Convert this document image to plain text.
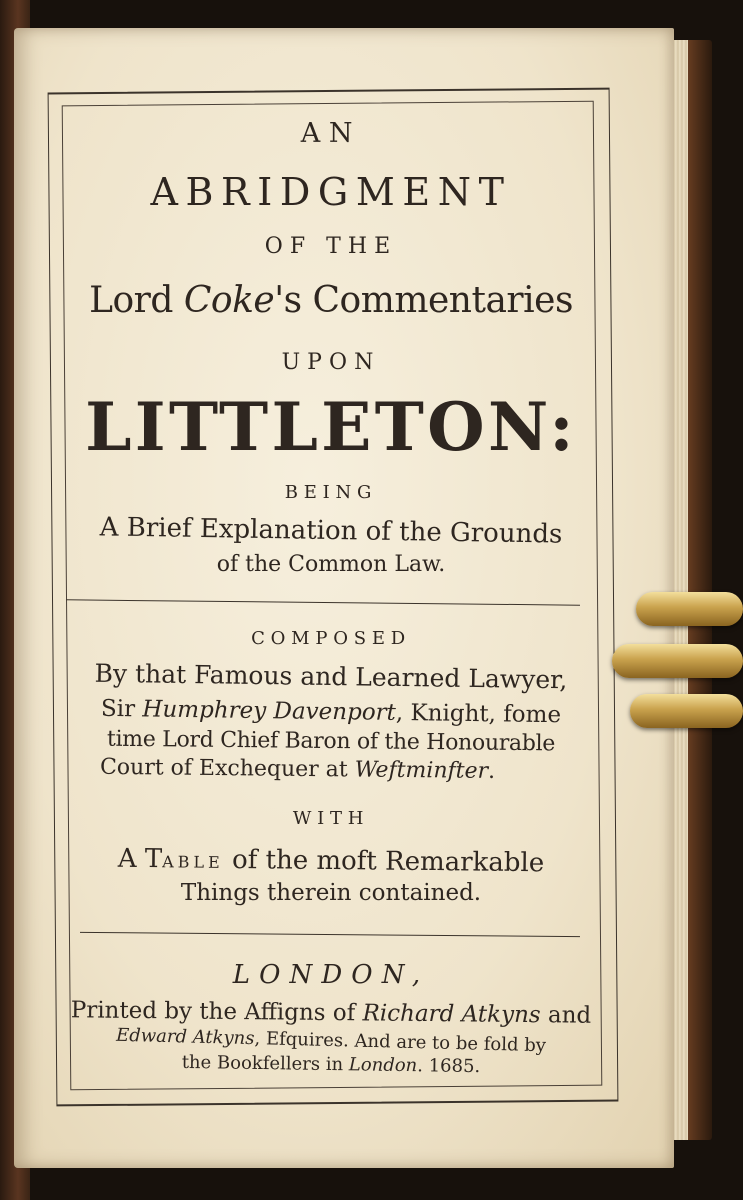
AN
ABRIDGMENT
OF THE
Lord Coke's Commentaries
UPON
LITTLETON:
BEING
A Brief Explanation of the Grounds
of the Common Law.
COMPOSED
By that Famous and Learned Lawyer,
Sir Humphrey Davenport, Knight, fome
time Lord Chief Baron of the Honourable
Court of Exchequer at Weftminfter.
WITH
A TABLE of the moft Remarkable
Things therein contained.
LONDON,
Printed by the Affigns of Richard Atkyns and
Edward Atkyns, Efquires. And are to be fold by
the Bookfellers in London. 1685.
